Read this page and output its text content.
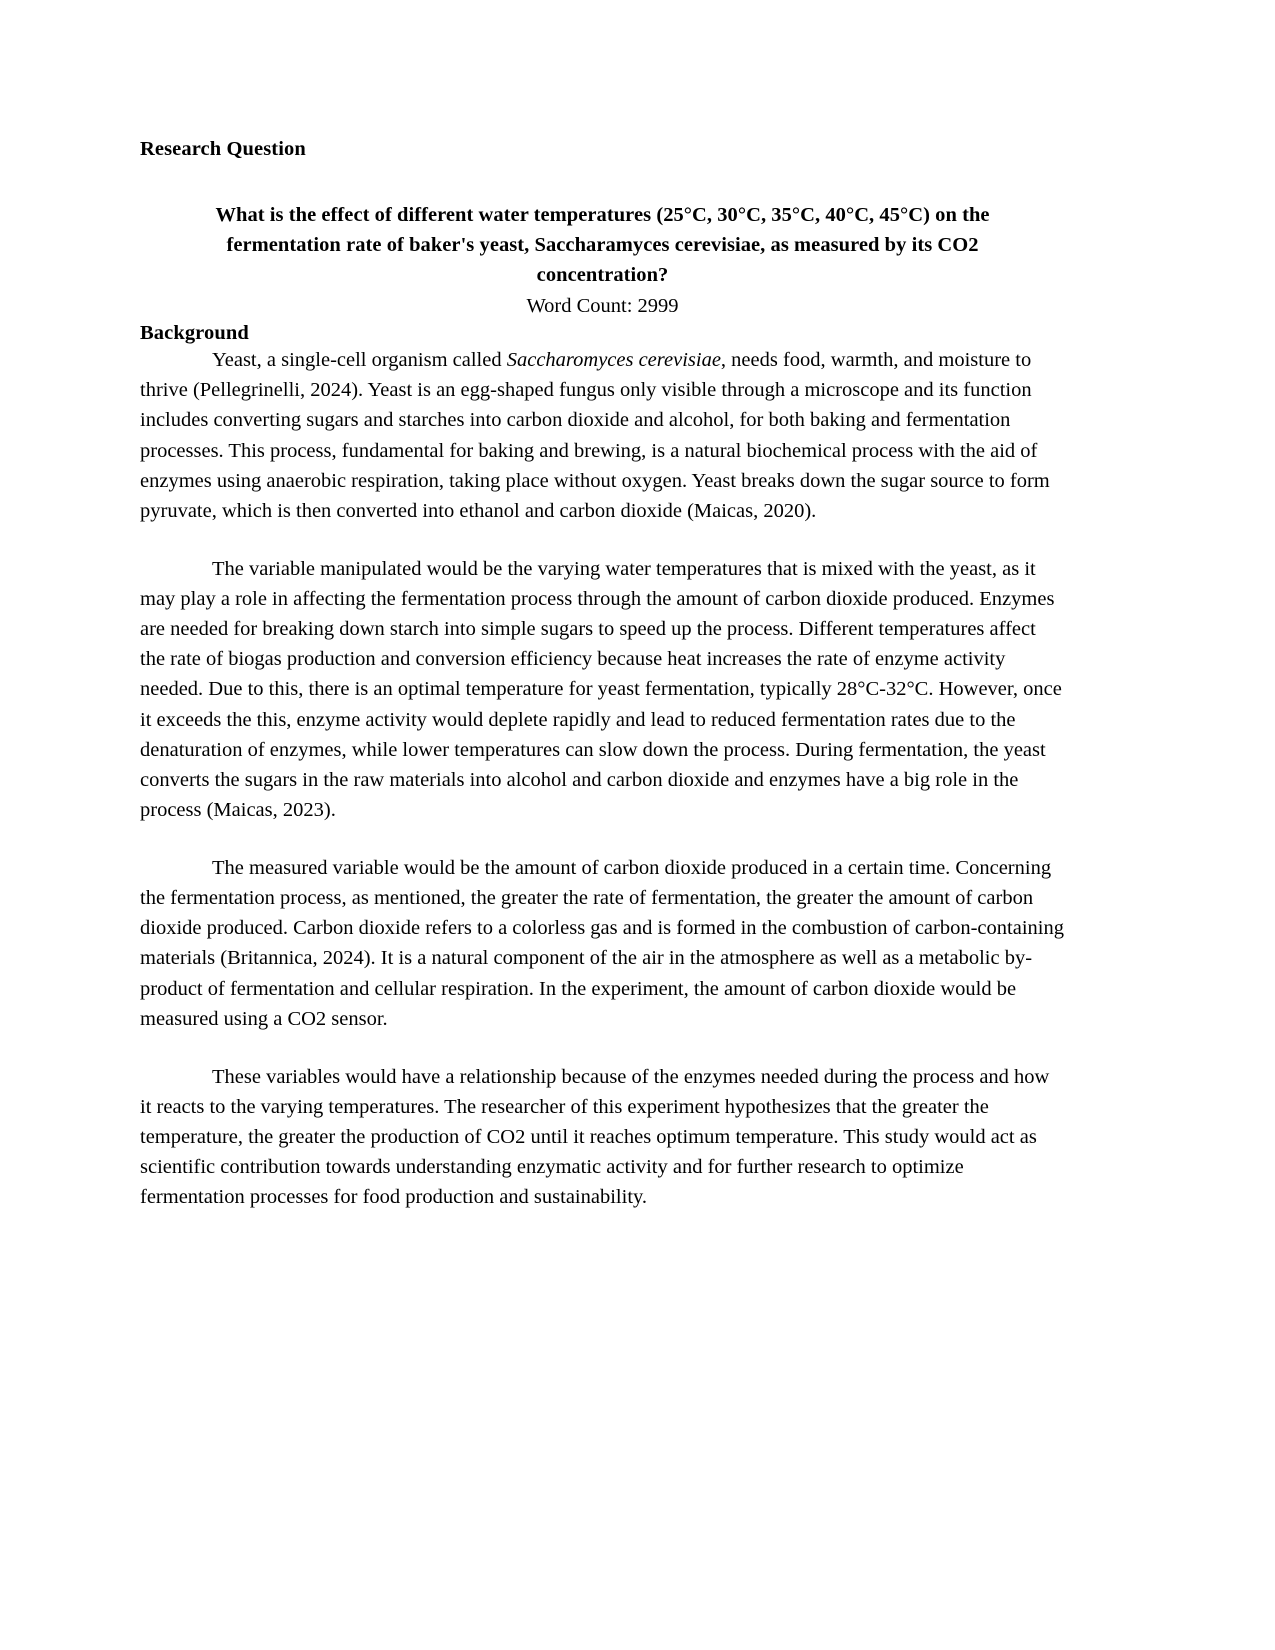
Research Question
What is the effect of different water temperatures (25°C, 30°C, 35°C, 40°C, 45°C) on the fermentation rate of baker's yeast, Saccharamyces cerevisiae, as measured by its CO2 concentration?
Word Count: 2999
Background

Yeast, a single-cell organism called Saccharomyces cerevisiae, needs food, warmth, and moisture to thrive (Pellegrinelli, 2024). Yeast is an egg-shaped fungus only visible through a microscope and its function includes converting sugars and starches into carbon dioxide and alcohol, for both baking and fermentation processes. This process, fundamental for baking and brewing, is a natural biochemical process with the aid of enzymes using anaerobic respiration, taking place without oxygen. Yeast breaks down the sugar source to form pyruvate, which is then converted into ethanol and carbon dioxide (Maicas, 2020).

The variable manipulated would be the varying water temperatures that is mixed with the yeast, as it may play a role in affecting the fermentation process through the amount of carbon dioxide produced. Enzymes are needed for breaking down starch into simple sugars to speed up the process. Different temperatures affect the rate of biogas production and conversion efficiency because heat increases the rate of enzyme activity needed. Due to this, there is an optimal temperature for yeast fermentation, typically 28°C-32°C. However, once it exceeds the this, enzyme activity would deplete rapidly and lead to reduced fermentation rates due to the denaturation of enzymes, while lower temperatures can slow down the process. During fermentation, the yeast converts the sugars in the raw materials into alcohol and carbon dioxide and enzymes have a big role in the process (Maicas, 2023).

The measured variable would be the amount of carbon dioxide produced in a certain time. Concerning the fermentation process, as mentioned, the greater the rate of fermentation, the greater the amount of carbon dioxide produced. Carbon dioxide refers to a colorless gas and is formed in the combustion of carbon-containing materials (Britannica, 2024). It is a natural component of the air in the atmosphere as well as a metabolic by-product of fermentation and cellular respiration. In the experiment, the amount of carbon dioxide would be measured using a CO2 sensor.

These variables would have a relationship because of the enzymes needed during the process and how it reacts to the varying temperatures. The researcher of this experiment hypothesizes that the greater the temperature, the greater the production of CO2 until it reaches optimum temperature. This study would act as scientific contribution towards understanding enzymatic activity and for further research to optimize fermentation processes for food production and sustainability.
